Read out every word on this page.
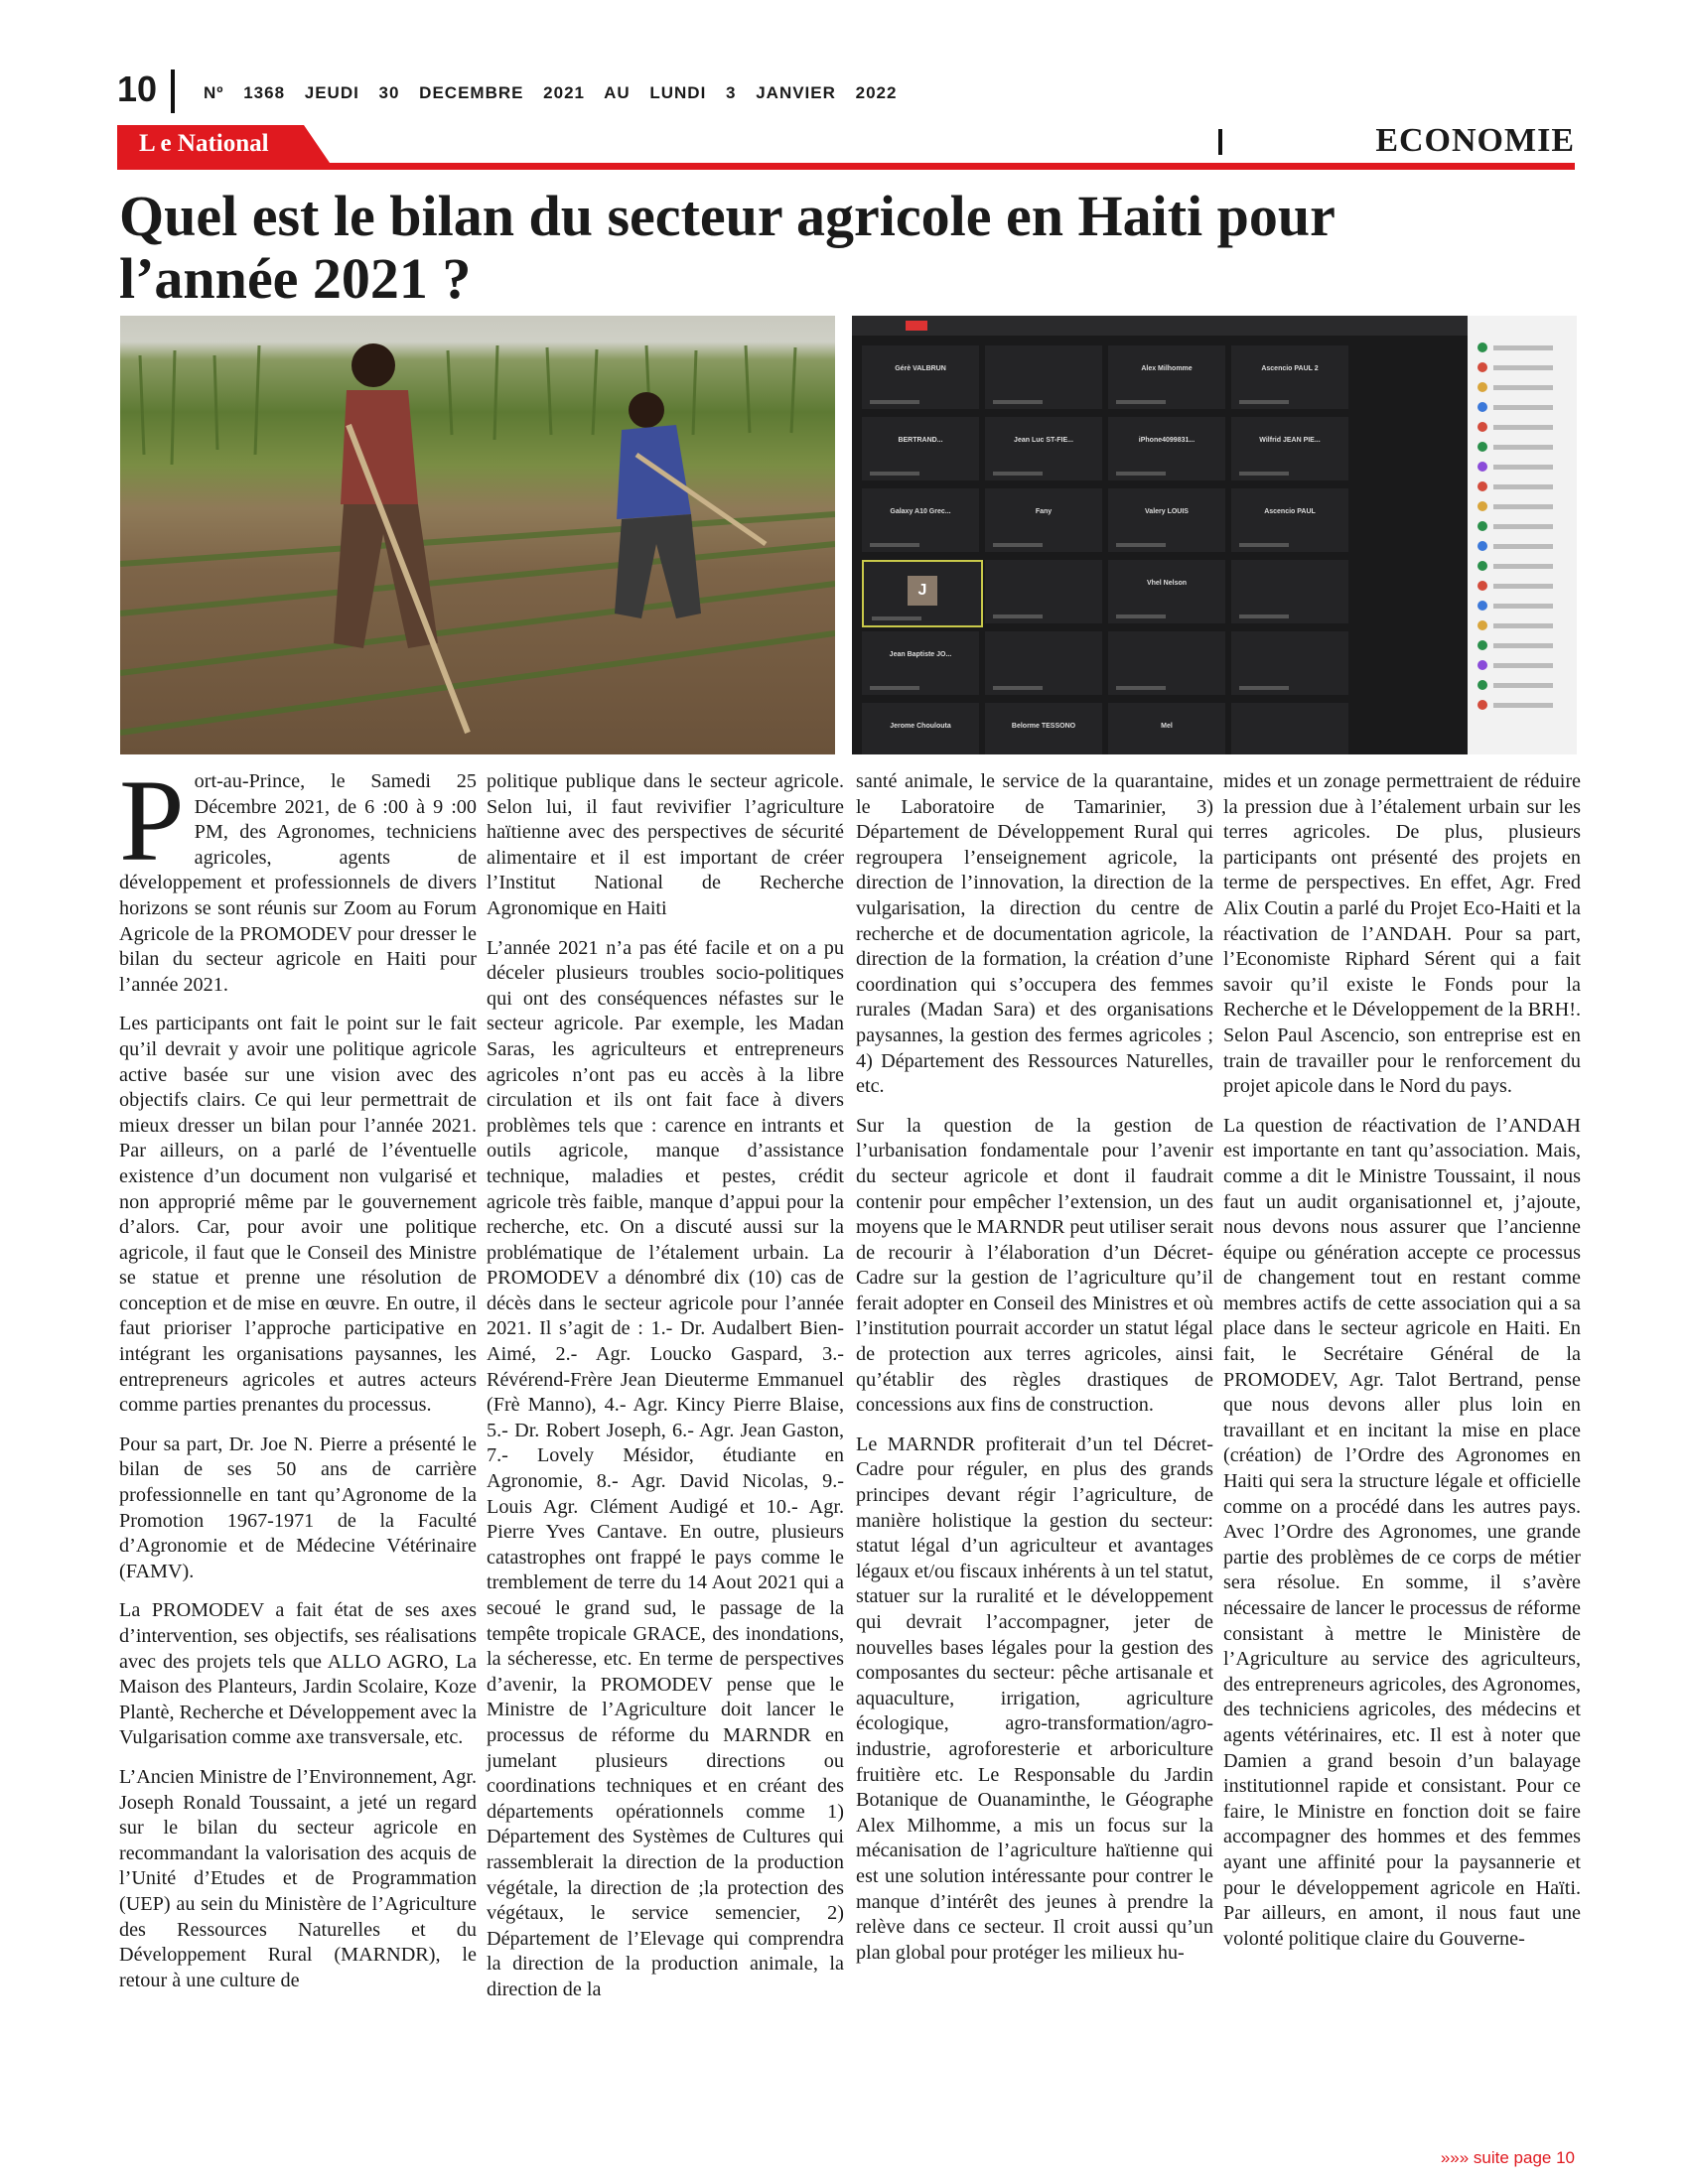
10	Nº 1368 JEUDI 30 DECEMBRE 2021 AU LUNDI 3 JANVIER 2022
L e National	ECONOMIE
Quel est le bilan du secteur agricole en Haiti pour l’année 2021 ?
Gérè VALBRUN	Alex Milhomme	Ascencio PAUL 2
BERTRAND...	Jean Luc ST-FIE...	iPhone4099831...	Wilfrid JEAN PIE...
Galaxy A10 Grec...	Fany	Valery LOUIS	Ascencio PAUL
J	Vhel Nelson
Jean Baptiste JO...
Jerome Choulouta	Belorme TESSONO	Mel

Port-au-Prince, le Samedi 25 Décembre 2021, de 6 :00 à 9 :00 PM, des Agronomes, techniciens agricoles, agents de développement et professionnels de divers horizons se sont réunis sur Zoom au Forum Agricole de la PROMODEV pour dresser le bilan du secteur agricole en Haiti pour l’année 2021.

Les participants ont fait le point sur le fait qu’il devrait y avoir une politique agricole active basée sur une vision avec des objectifs clairs. Ce qui leur permettrait de mieux dresser un bilan pour l’année 2021. Par ailleurs, on a parlé de l’éventuelle existence d’un document non vulgarisé et non approprié même par le gouvernement d’alors. Car, pour avoir une politique agricole, il faut que le Conseil des Ministre se statue et prenne une résolution de conception et de mise en œuvre. En outre, il faut prioriser l’approche participative en intégrant les organisations paysannes, les entrepreneurs agricoles et autres acteurs comme parties prenantes du processus.

Pour sa part, Dr. Joe N. Pierre a présenté le bilan de ses 50 ans de carrière professionnelle en tant qu’Agronome de la Promotion 1967-1971 de la Faculté d’Agronomie et de Médecine Vétérinaire (FAMV).

La PROMODEV a fait état de ses axes d’intervention, ses objectifs, ses réalisations avec des projets tels que ALLO AGRO, La Maison des Planteurs, Jardin Scolaire, Koze Plantè, Recherche et Développement avec la Vulgarisation comme axe transversale, etc.

L’Ancien Ministre de l’Environnement, Agr. Joseph Ronald Toussaint, a jeté un regard sur le bilan du secteur agricole en recommandant la valorisation des acquis de l’Unité d’Etudes et de Programmation (UEP) au sein du Ministère de l’Agriculture des Ressources Naturelles et du Développement Rural (MARNDR), le retour à une culture de

politique publique dans le secteur agricole. Selon lui, il faut revivifier l’agriculture haïtienne avec des perspectives de sécurité alimentaire et il est important de créer l’Institut National de Recherche Agronomique en Haiti

L’année 2021 n’a pas été facile et on a pu déceler plusieurs troubles socio-politiques qui ont des conséquences néfastes sur le secteur agricole. Par exemple, les Madan Saras, les agriculteurs et entrepreneurs agricoles n’ont pas eu accès à la libre circulation et ils ont fait face à divers problèmes tels que : carence en intrants et outils agricole, manque d’assistance technique, maladies et pestes, crédit agricole très faible, manque d’appui pour la recherche, etc. On a discuté aussi sur la problématique de l’étalement urbain. La PROMODEV a dénombré dix (10) cas de décès dans le secteur agricole pour l’année 2021. Il s’agit de : 1.- Dr. Audalbert Bien-Aimé, 2.- Agr. Loucko Gaspard, 3.- Révérend-Frère Jean Dieuterme Emmanuel (Frè Manno), 4.- Agr. Kincy Pierre Blaise, 5.- Dr. Robert Joseph, 6.- Agr. Jean Gaston, 7.- Lovely Mésidor, étudiante en Agronomie, 8.- Agr. David Nicolas, 9.- Louis Agr. Clément Audigé et 10.- Agr. Pierre Yves Cantave. En outre, plusieurs catastrophes ont frappé le pays comme le tremblement de terre du 14 Aout 2021 qui a secoué le grand sud, le passage de la tempête tropicale GRACE, des inondations, la sécheresse, etc. En terme de perspectives d’avenir, la PROMODEV pense que le Ministre de l’Agriculture doit lancer le processus de réforme du MARNDR en jumelant plusieurs directions ou coordinations techniques et en créant des départements opérationnels comme 1) Département des Systèmes de Cultures qui rassemblerait la direction de la production végétale, la direction de ;la protection des végétaux, le service semencier, 2) Département de l’Elevage qui comprendra la direction de la production animale, la direction de la

santé animale, le service de la quarantaine, le Laboratoire de Tamarinier, 3) Département de Développement Rural qui regroupera l’enseignement agricole, la direction de l’innovation, la direction de la vulgarisation, la direction du centre de recherche et de documentation agricole, la direction de la formation, la création d’une coordination qui s’occupera des femmes rurales (Madan Sara) et des organisations paysannes, la gestion des fermes agricoles ; 4) Département des Ressources Naturelles, etc.

Sur la question de la gestion de l’urbanisation fondamentale pour l’avenir du secteur agricole et dont il faudrait contenir pour empêcher l’extension, un des moyens que le MARNDR peut utiliser serait de recourir à l’élaboration d’un Décret-Cadre sur la gestion de l’agriculture qu’il ferait adopter en Conseil des Ministres et où l’institution pourrait accorder un statut légal de protection aux terres agricoles, ainsi qu’établir des règles drastiques de concessions aux fins de construction.

Le MARNDR profiterait d’un tel Décret-Cadre pour réguler, en plus des grands principes devant régir l’agriculture, de manière holistique la gestion du secteur: statut légal d’un agriculteur et avantages légaux et/ou fiscaux inhérents à un tel statut, statuer sur la ruralité et le développement qui devrait l’accompagner, jeter de nouvelles bases légales pour la gestion des composantes du secteur: pêche artisanale et aquaculture, irrigation, agriculture écologique, agro-transformation/agro-industrie, agroforesterie et arboriculture fruitière etc. Le Responsable du Jardin Botanique de Ouanaminthe, le Géographe Alex Milhomme, a mis un focus sur la mécanisation de l’agriculture haïtienne qui est une solution intéressante pour contrer le manque d’intérêt des jeunes à prendre la relève dans ce secteur. Il croit aussi qu’un plan global pour protéger les milieux hu-

mides et un zonage permettraient de réduire la pression due à l’étalement urbain sur les terres agricoles. De plus, plusieurs participants ont présenté des projets en terme de perspectives. En effet, Agr. Fred Alix Coutin a parlé du Projet Eco-Haiti et la réactivation de l’ANDAH. Pour sa part, l’Economiste Riphard Sérent qui a fait savoir qu’il existe le Fonds pour la Recherche et le Développement de la BRH!. Selon Paul Ascencio, son entreprise est en train de travailler pour le renforcement du projet apicole dans le Nord du pays.

La question de réactivation de l’ANDAH est importante en tant qu’association. Mais, comme a dit le Ministre Toussaint, il nous faut un audit organisationnel et, j’ajoute, nous devons nous assurer que l’ancienne équipe ou génération accepte ce processus de changement tout en restant comme membres actifs de cette association qui a sa place dans le secteur agricole en Haiti. En fait, le Secrétaire Général de la PROMODEV, Agr. Talot Bertrand, pense que nous devons aller plus loin en travaillant et en incitant la mise en place (création) de l’Ordre des Agronomes en Haiti qui sera la structure légale et officielle comme on a procédé dans les autres pays. Avec l’Ordre des Agronomes, une grande partie des problèmes de ce corps de métier sera résolue. En somme, il s’avère nécessaire de lancer le processus de réforme consistant à mettre le Ministère de l’Agriculture au service des agriculteurs, des entrepreneurs agricoles, des Agronomes, des techniciens agricoles, des médecins et agents vétérinaires, etc. Il est à noter que Damien a grand besoin d’un balayage institutionnel rapide et consistant. Pour ce faire, le Ministre en fonction doit se faire accompagner des hommes et des femmes ayant une affinité pour la paysannerie et pour le développement agricole en Haïti. Par ailleurs, en amont, il nous faut une volonté politique claire du Gouverne-

»»» suite page 10
